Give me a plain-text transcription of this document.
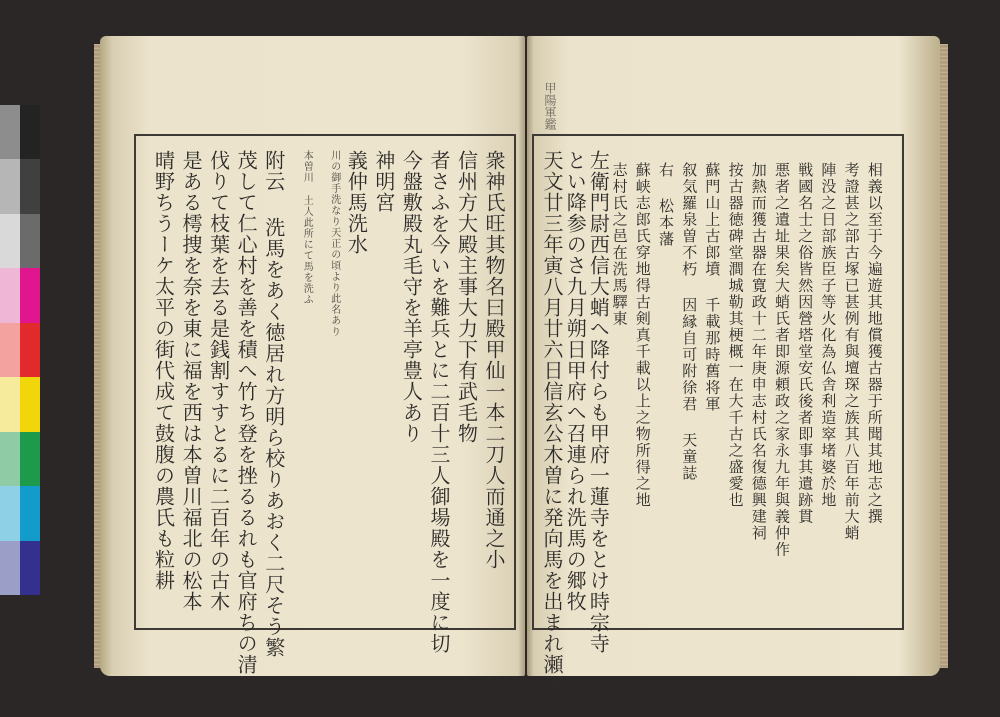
衆神氏旺其物名曰殿甲仙一本二刀人而通之小
信州方大殿主事大力下有武毛物
者さふを今いを難兵とに二百十三人御場殿を一度に切
今盤敷殿丸毛守を羊亭豊人あり
神明宮
義仲馬洗水
川の御手洗なり天正の頃より此名あり
本曽川 土人此所にて馬を洗ふ
附云 洗馬をあく徳居れ方明ら校りあおく二尺そう繁
茂して仁心村を善を積へ竹ち登を挫るるれも官府ちの清汎
伐りて枝葉を去る是銭割すすとるに二百年の古木
是ある樗捜を奈を東に福を西は本曽川福北の松本
晴野ちうーケ太平の街代成て鼓腹の農氏も粒耕	天文廿三年寅八月廿六日信玄公木曽に発向馬を出まれ瀬馬甚 とい降参のさ九月朔日甲府へ召連られ洗馬の郷牧 左衛門尉西信大蛸へ降付らも甲府一蓮寺をとけ時宗寺 志村氏之邑在洗馬驛東 蘇峡志郎氏穿地得古剣真千載以上之物所得之地 右 松本藩 叙気羅泉曽不朽 因縁自可附徐君 天童誌 蘇門山上古郎墳 千載那時舊将軍 按古器徳碑堂澗城勒其梗概一在大千古之盛愛也 加熱而獲古器在寛政十二年庚申志村氏名復德興建祠 悪者之遺址果矣大蛸氏者即源頼政之家永九年與義仲作 戦國名士之俗皆然因營塔堂安氏後者即事其遺跡貫 陣没之日部族臣子等火化為仏舎利造窣堵婆於地 考證甚之部古塚已甚例有與壇琛之族其八百年前大蛸 相義以至于今遍遊其地償獲古器于所聞其地志之撰
甲陽軍鑑
